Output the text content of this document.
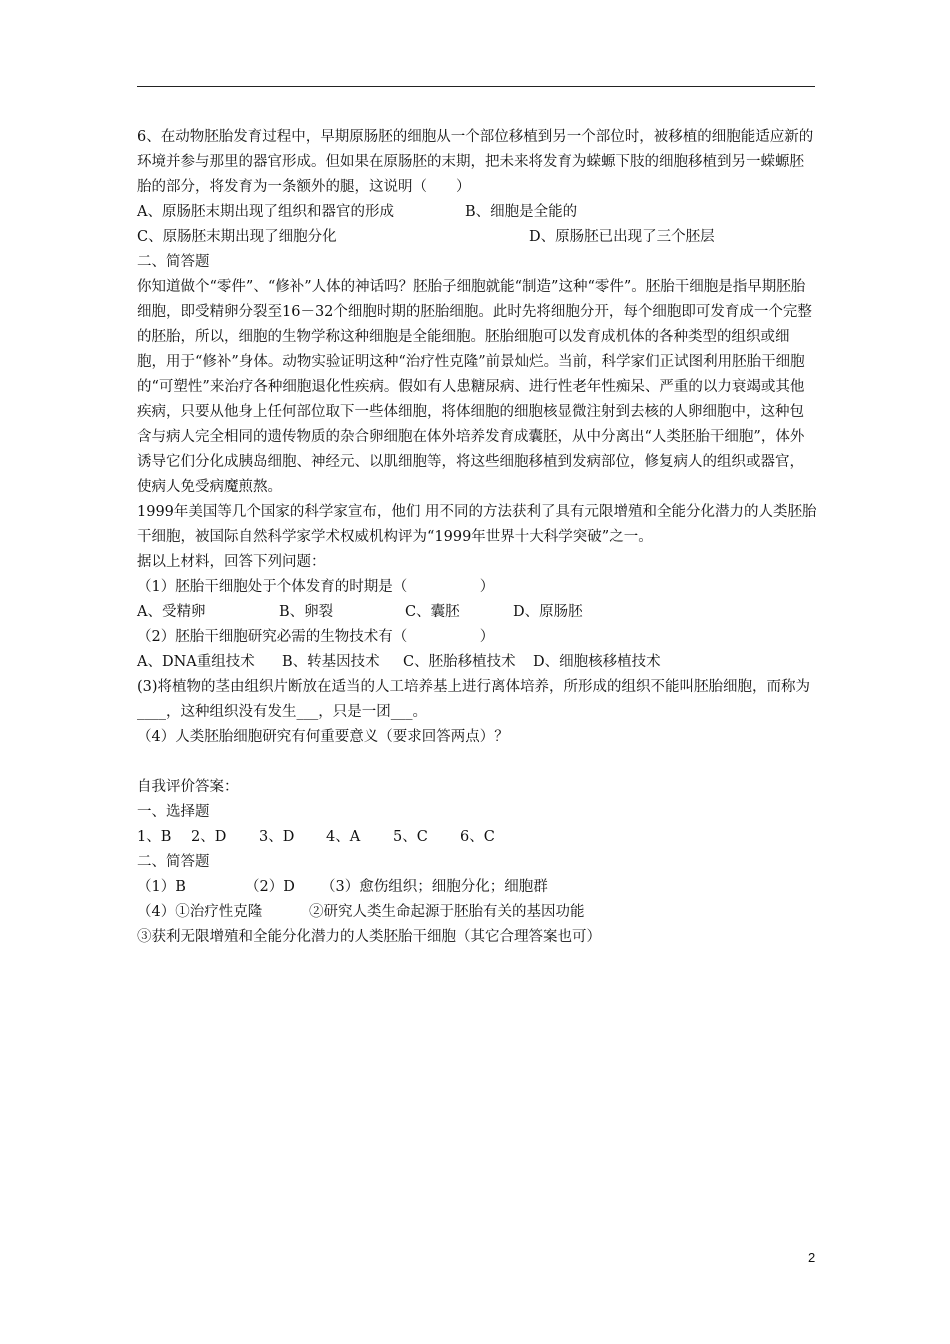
6、在动物胚胎发育过程中，早期原肠胚的细胞从一个部位移植到另一个部位时，被移植的细胞能适应新的环境并参与那里的器官形成。但如果在原肠胚的末期，把未来将发育为蝾螈下肢的细胞移植到另一蝾螈胚胎的部分，将发育为一条额外的腿，这说明（　　）

A、原肠胚末期出现了组织和器官的形成	B、细胞是全能的
C、原肠胚末期出现了细胞分化	D、原肠胚已出现了三个胚层

二、简答题

你知道做个“零件”、“修补”人体的神话吗？胚胎子细胞就能“制造”这种“零件”。胚胎干细胞是指早期胚胎细胞，即受精卵分裂至16－32个细胞时期的胚胎细胞。此时先将细胞分开，每个细胞即可发育成一个完整的胚胎，所以，细胞的生物学称这种细胞是全能细胞。胚胎细胞可以发育成机体的各种类型的组织或细胞，用于“修补”身体。动物实验证明这种“治疗性克隆”前景灿烂。当前，科学家们正试图利用胚胎干细胞的“可塑性”来治疗各种细胞退化性疾病。假如有人患糖尿病、进行性老年性痴呆、严重的以力衰竭或其他疾病，只要从他身上任何部位取下一些体细胞，将体细胞的细胞核显微注射到去核的人卵细胞中，这种包含与病人完全相同的遗传物质的杂合卵细胞在体外培养发育成囊胚，从中分离出“人类胚胎干细胞”，体外诱导它们分化成胰岛细胞、神经元、以肌细胞等，将这些细胞移植到发病部位，修复病人的组织或器官，使病人免受病魔煎熬。

1999年美国等几个国家的科学家宣布，他们 用不同的方法获利了具有元限增殖和全能分化潜力的人类胚胎干细胞，被国际自然科学家学术权威机构评为“1999年世界十大科学突破”之一。

据以上材料，回答下列问题：

（1）胚胎干细胞处于个体发育的时期是（　　　　　）

A、受精卵	B、卵裂	C、囊胚	D、原肠胚

（2）胚胎干细胞研究必需的生物技术有（　　　　　）

A、DNA重组技术	B、转基因技术	C、胚胎移植技术	D、细胞核移植技术

(3)将植物的茎由组织片断放在适当的人工培养基上进行离体培养，所形成的组织不能叫胚胎细胞，而称为____，这种组织没有发生___，只是一团___。

（4）人类胚胎细胞研究有何重要意义（要求回答两点）？

自我评价答案：

一、选择题

1、B	2、D	3、D	4、A	5、C	6、C

二、简答题

（1）B	（2）D	（3）愈伤组织；细胞分化；细胞群
（4）①治疗性克隆	②研究人类生命起源于胚胎有关的基因功能

③获利无限增殖和全能分化潜力的人类胚胎干细胞（其它合理答案也可）

2
